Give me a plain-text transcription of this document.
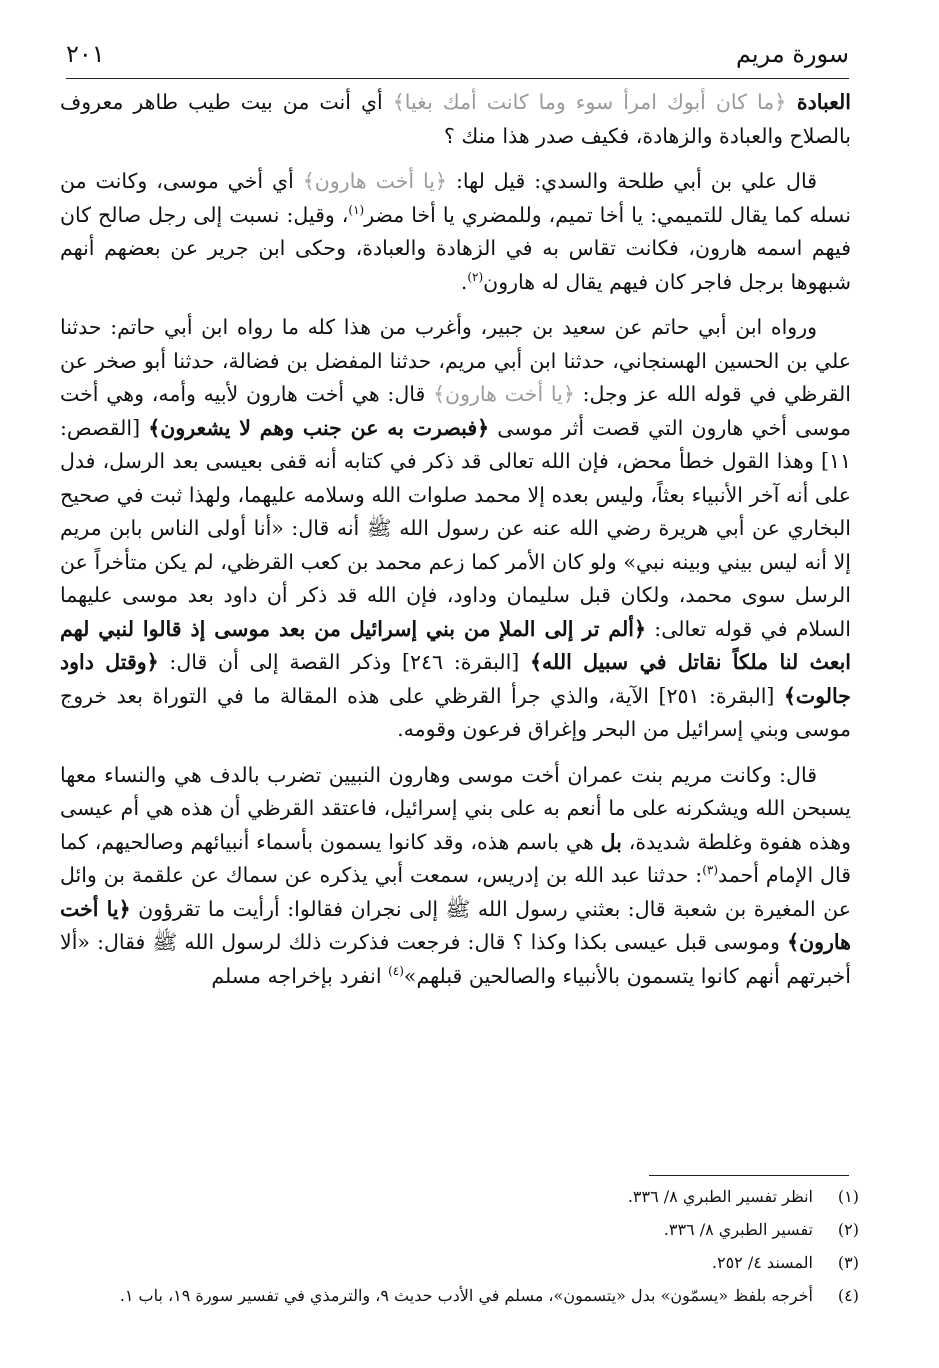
سورة مريم
٢٠١

العبادة ﴿ما كان أبوك امرأ سوء وما كانت أمك بغيا﴾ أي أنت من بيت طيب طاهر معروف بالصلاح والعبادة والزهادة، فكيف صدر هذا منك ؟

قال علي بن أبي طلحة والسدي: قيل لها: ﴿يا أخت هارون﴾ أي أخي موسى، وكانت من نسله كما يقال للتميمي: يا أخا تميم، وللمضري يا أخا مضر$^{(١)}$، وقيل: نسبت إلى رجل صالح كان فيهم اسمه هارون، فكانت تقاس به في الزهادة والعبادة، وحكى ابن جرير عن بعضهم أنهم شبهوها برجل فاجر كان فيهم يقال له هارون$^{(٢)}$.

ورواه ابن أبي حاتم عن سعيد بن جبير، وأغرب من هذا كله ما رواه ابن أبي حاتم: حدثنا علي بن الحسين الهسنجاني، حدثنا ابن أبي مريم، حدثنا المفضل بن فضالة، حدثنا أبو صخر عن القرظي في قوله الله عز وجل: ﴿يا أخت هارون﴾ قال: هي أخت هارون لأبيه وأمه، وهي أخت موسى أخي هارون التي قصت أثر موسى ﴿فبصرت به عن جنب وهم لا يشعرون﴾ [القصص: ١١] وهذا القول خطأ محض، فإن الله تعالى قد ذكر في كتابه أنه قفى بعيسى بعد الرسل، فدل على أنه آخر الأنبياء بعثاً، وليس بعده إلا محمد صلوات الله وسلامه عليهما، ولهذا ثبت في صحيح البخاري عن أبي هريرة رضي الله عنه عن رسول الله ﷺ أنه قال: «أنا أولى الناس بابن مريم إلا أنه ليس بيني وبينه نبي» ولو كان الأمر كما زعم محمد بن كعب القرظي، لم يكن متأخراً عن الرسل سوى محمد، ولكان قبل سليمان وداود، فإن الله قد ذكر أن داود بعد موسى عليهما السلام في قوله تعالى: ﴿ألم تر إلى الملإ من بني إسرائيل من بعد موسى إذ قالوا لنبي لهم ابعث لنا ملكاً نقاتل في سبيل الله﴾ [البقرة: ٢٤٦] وذكر القصة إلى أن قال: ﴿وقتل داود جالوت﴾ [البقرة: ٢٥١] الآية، والذي جرأ القرظي على هذه المقالة ما في التوراة بعد خروج موسى وبني إسرائيل من البحر وإغراق فرعون وقومه.

قال: وكانت مريم بنت عمران أخت موسى وهارون النبيين تضرب بالدف هي والنساء معها يسبحن الله ويشكرنه على ما أنعم به على بني إسرائيل، فاعتقد القرظي أن هذه هي أم عيسى وهذه هفوة وغلطة شديدة، بل هي باسم هذه، وقد كانوا يسمون بأسماء أنبيائهم وصالحيهم، كما قال الإمام أحمد$^{(٣)}$: حدثنا عبد الله بن إدريس، سمعت أبي يذكره عن سماك عن علقمة بن وائل عن المغيرة بن شعبة قال: بعثني رسول الله ﷺ إلى نجران فقالوا: أرأيت ما تقرؤون ﴿يا أخت هارون﴾ وموسى قبل عيسى بكذا وكذا ؟ قال: فرجعت فذكرت ذلك لرسول الله ﷺ فقال: «ألا أخبرتهم أنهم كانوا يتسمون بالأنبياء والصالحين قبلهم»$^{(٤)}$ انفرد بإخراجه مسلم

(١)
انظر تفسير الطبري ٨/ ٣٣٦.
(٢)
تفسير الطبري ٨/ ٣٣٦.
(٣)
المسند ٤/ ٢٥٢.
(٤)
أخرجه بلفظ «يسمّون» بدل «يتسمون»، مسلم في الأدب حديث ٩، والترمذي في تفسير سورة ١٩، باب ١.
